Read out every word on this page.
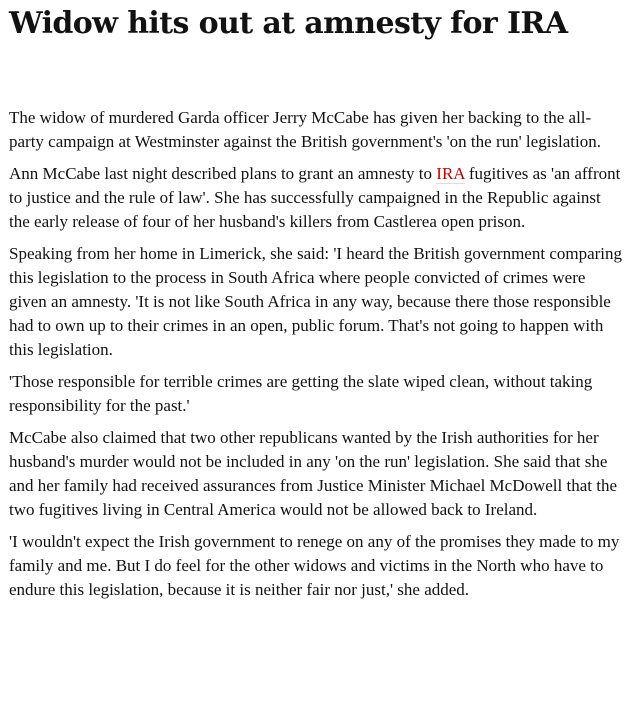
Widow hits out at amnesty for IRA

The widow of murdered Garda officer Jerry McCabe has given her backing to the all-party campaign at Westminster against the British government's 'on the run' legislation.

Ann McCabe last night described plans to grant an amnesty to IRA fugitives as 'an affront to justice and the rule of law'. She has successfully campaigned in the Republic against the early release of four of her husband's killers from Castlerea open prison.

Speaking from her home in Limerick, she said: 'I heard the British government comparing this legislation to the process in South Africa where people convicted of crimes were given an amnesty. 'It is not like South Africa in any way, because there those responsible had to own up to their crimes in an open, public forum. That's not going to happen with this legislation.

'Those responsible for terrible crimes are getting the slate wiped clean, without taking responsibility for the past.'

McCabe also claimed that two other republicans wanted by the Irish authorities for her husband's murder would not be included in any 'on the run' legislation. She said that she and her family had received assurances from Justice Minister Michael McDowell that the two fugitives living in Central America would not be allowed back to Ireland.

'I wouldn't expect the Irish government to renege on any of the promises they made to my family and me. But I do feel for the other widows and victims in the North who have to endure this legislation, because it is neither fair nor just,' she added.
